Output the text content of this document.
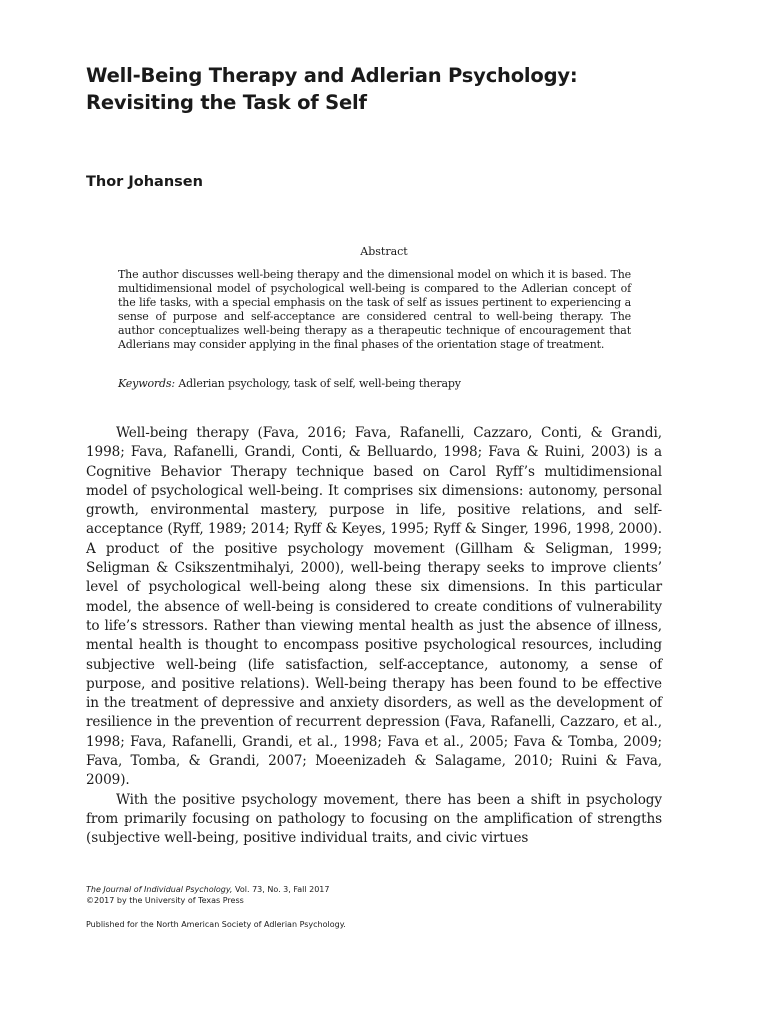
Well-Being Therapy and Adlerian Psychology:
Revisiting the Task of Self
Thor Johansen
Abstract
The author discusses well-being therapy and the dimensional model on which it is based. The multidimensional model of psychological well-being is compared to the Adlerian concept of the life tasks, with a special emphasis on the task of self as issues pertinent to experiencing a sense of purpose and self-acceptance are considered central to well-being therapy. The author conceptualizes well-being therapy as a therapeutic technique of encouragement that Adlerians may consider applying in the final phases of the orientation stage of treatment.
Keywords: Adlerian psychology, task of self, well-being therapy

Well-being therapy (Fava, 2016; Fava, Rafanelli, Cazzaro, Conti, & Grandi, 1998; Fava, Rafanelli, Grandi, Conti, & Belluardo, 1998; Fava & Ruini, 2003) is a Cognitive Behavior Therapy technique based on Carol Ryff’s multidimensional model of psychological well-being. It comprises six dimensions: autonomy, personal growth, environmental mastery, purpose in life, positive relations, and self-acceptance (Ryff, 1989; 2014; Ryff & Keyes, 1995; Ryff & Singer, 1996, 1998, 2000). A product of the positive psychology movement (Gillham & Seligman, 1999; Seligman & Csikszentmihalyi, 2000), well-being therapy seeks to improve clients’ level of psychological well-being along these six dimensions. In this particular model, the absence of well-being is considered to create conditions of vulnerability to life’s stressors. Rather than viewing mental health as just the absence of illness, mental health is thought to encompass positive psychological resources, including subjective well-being (life satisfaction, self-acceptance, autonomy, a sense of purpose, and positive relations). Well-being therapy has been found to be effective in the treatment of depressive and anxiety disorders, as well as the development of resilience in the prevention of recurrent depression (Fava, Rafanelli, Cazzaro, et al., 1998; Fava, Rafanelli, Grandi, et al., 1998; Fava et al., 2005; Fava & Tomba, 2009; Fava, Tomba, & Grandi, 2007; Moeenizadeh & Salagame, 2010; Ruini & Fava, 2009).

With the positive psychology movement, there has been a shift in psychology from primarily focusing on pathology to focusing on the amplification of strengths (subjective well-being, positive individual traits, and civic virtues

The Journal of Individual Psychology, Vol. 73, No. 3, Fall 2017
©2017 by the University of Texas Press
Published for the North American Society of Adlerian Psychology.
